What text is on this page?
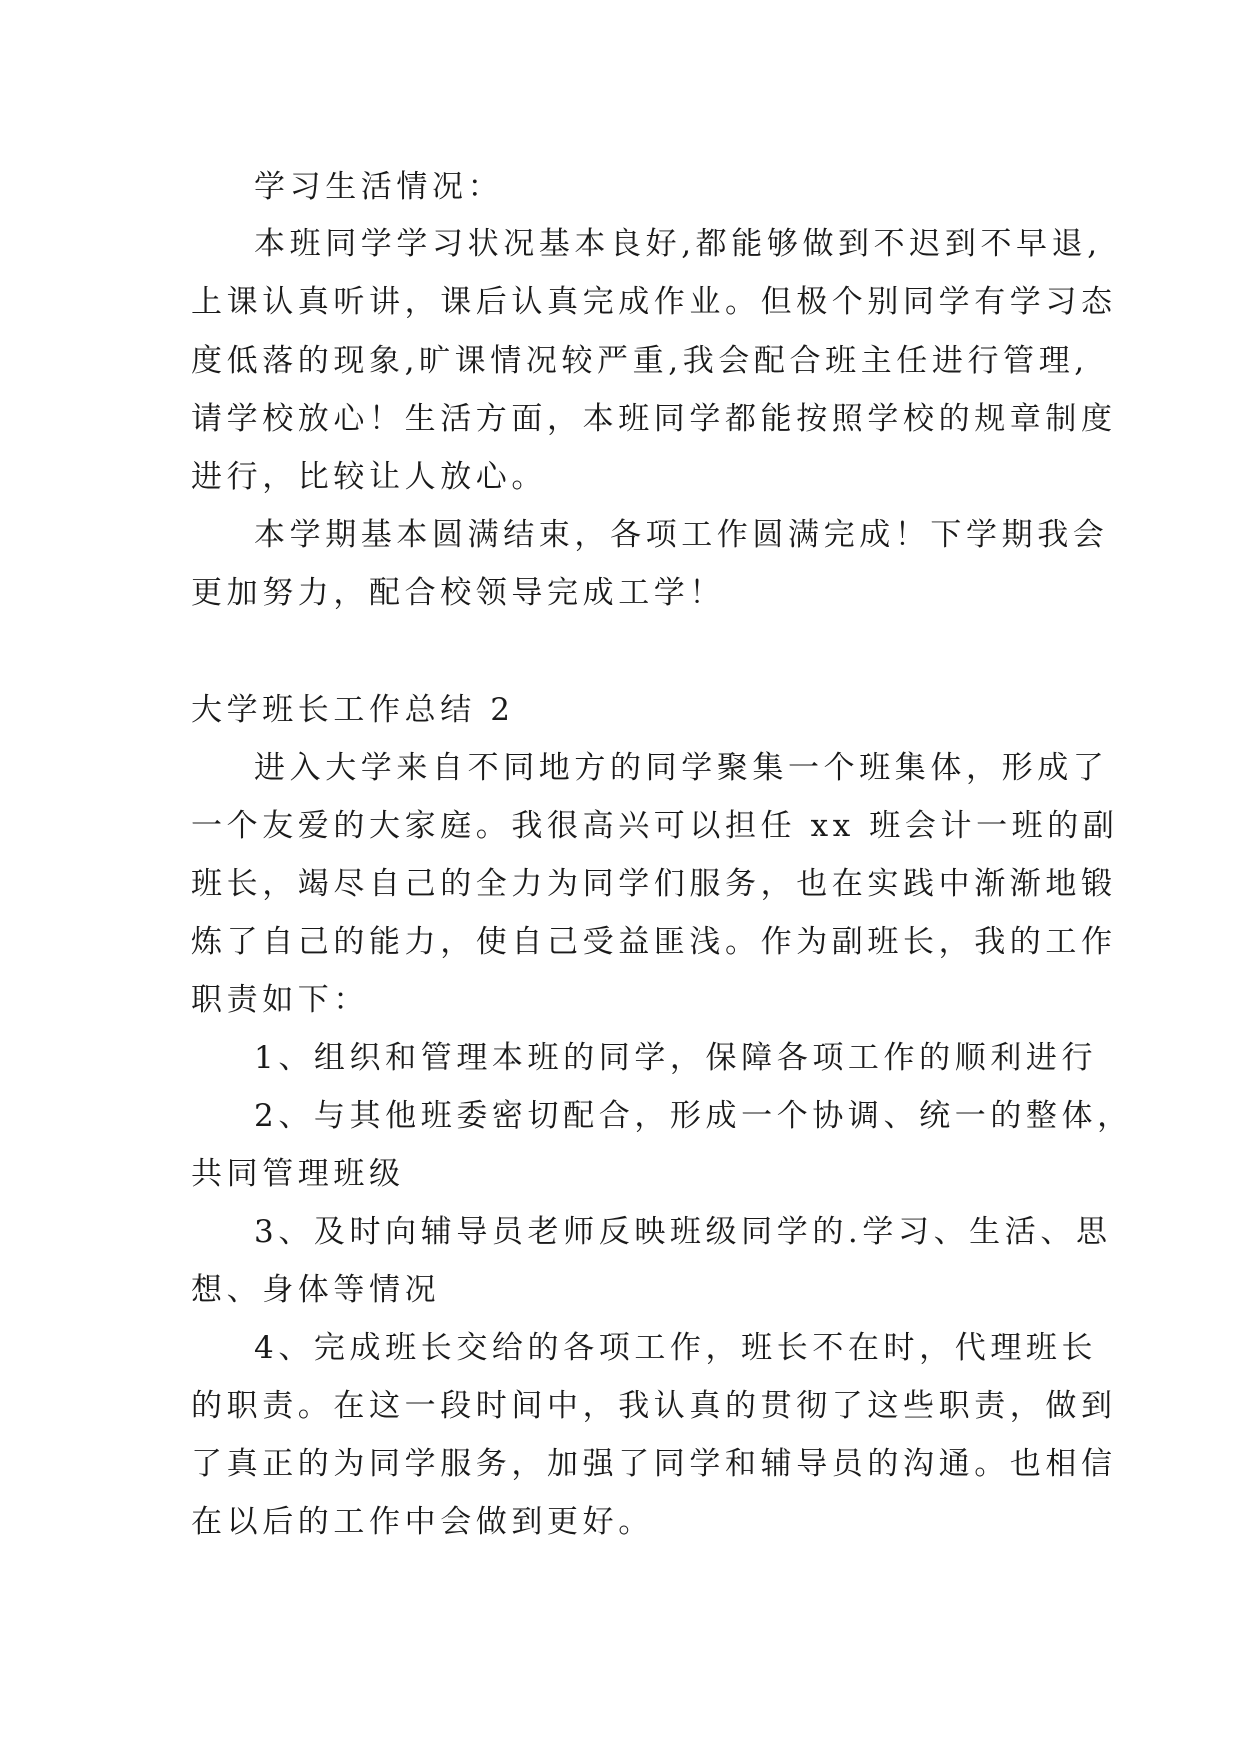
学习生活情况：
本班同学学习状况基本良好,都能够做到不迟到不早退,
上课认真听讲，课后认真完成作业。但极个别同学有学习态
度低落的现象,旷课情况较严重,我会配合班主任进行管理,
请学校放心！生活方面，本班同学都能按照学校的规章制度
进行，比较让人放心。
本学期基本圆满结束，各项工作圆满完成！下学期我会
更加努力，配合校领导完成工学！
大学班长工作总结 2
进入大学来自不同地方的同学聚集一个班集体，形成了
一个友爱的大家庭。我很高兴可以担任 xx 班会计一班的副
班长，竭尽自己的全力为同学们服务，也在实践中渐渐地锻
炼了自己的能力，使自己受益匪浅。作为副班长，我的工作
职责如下：
1、组织和管理本班的同学，保障各项工作的顺利进行
2、与其他班委密切配合，形成一个协调、统一的整体，
共同管理班级
3、及时向辅导员老师反映班级同学的.学习、生活、思
想、身体等情况
4、完成班长交给的各项工作，班长不在时，代理班长
的职责。在这一段时间中，我认真的贯彻了这些职责，做到
了真正的为同学服务，加强了同学和辅导员的沟通。也相信
在以后的工作中会做到更好。
